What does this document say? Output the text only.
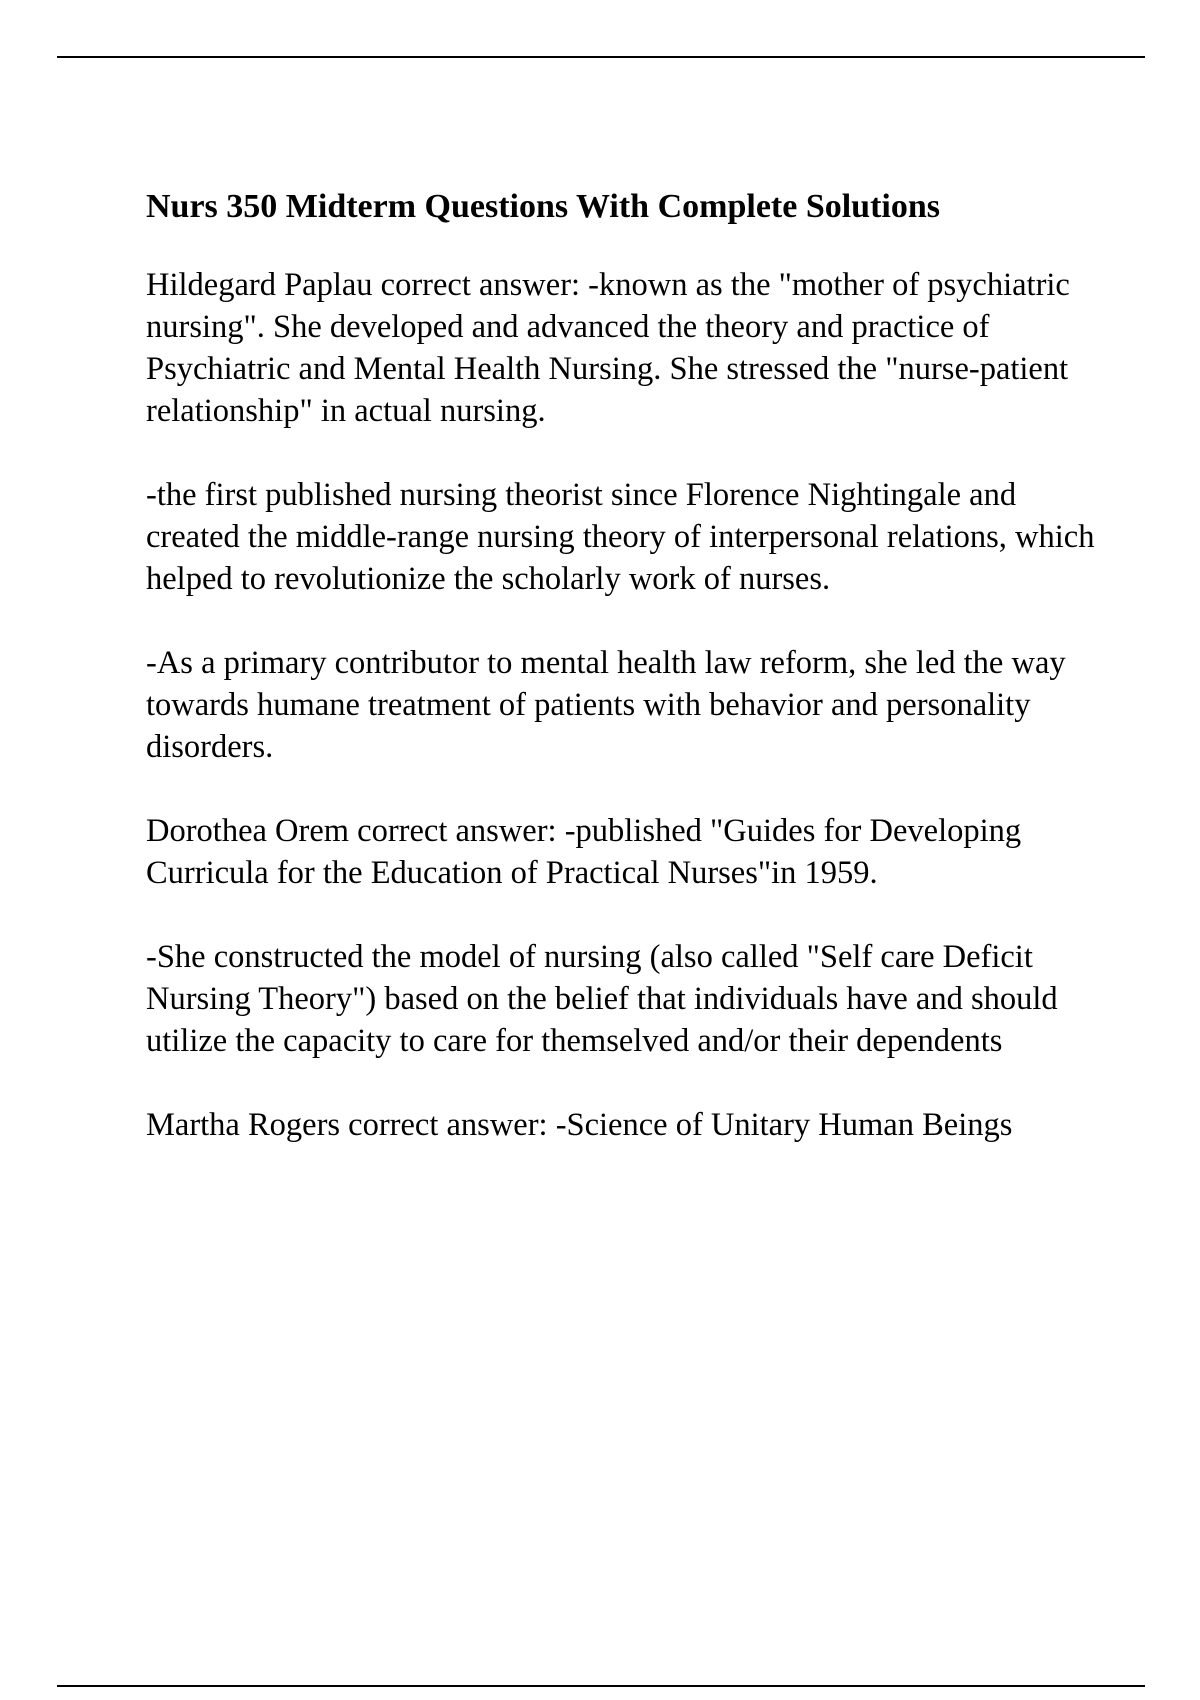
Nurs 350 Midterm Questions With Complete Solutions

Hildegard Paplau correct answer: -known as the "mother of psychiatric nursing". She developed and advanced the theory and practice of Psychiatric and Mental Health Nursing. She stressed the "nurse-patient relationship" in actual nursing.

-the first published nursing theorist since Florence Nightingale and created the middle-range nursing theory of interpersonal relations, which helped to revolutionize the scholarly work of nurses.

-As a primary contributor to mental health law reform, she led the way towards humane treatment of patients with behavior and personality disorders.

Dorothea Orem correct answer: -published "Guides for Developing Curricula for the Education of Practical Nurses"in 1959.

-She constructed the model of nursing (also called "Self care Deficit Nursing Theory") based on the belief that individuals have and should utilize the capacity to care for themselved and/or their dependents

Martha Rogers correct answer: -Science of Unitary Human Beings
